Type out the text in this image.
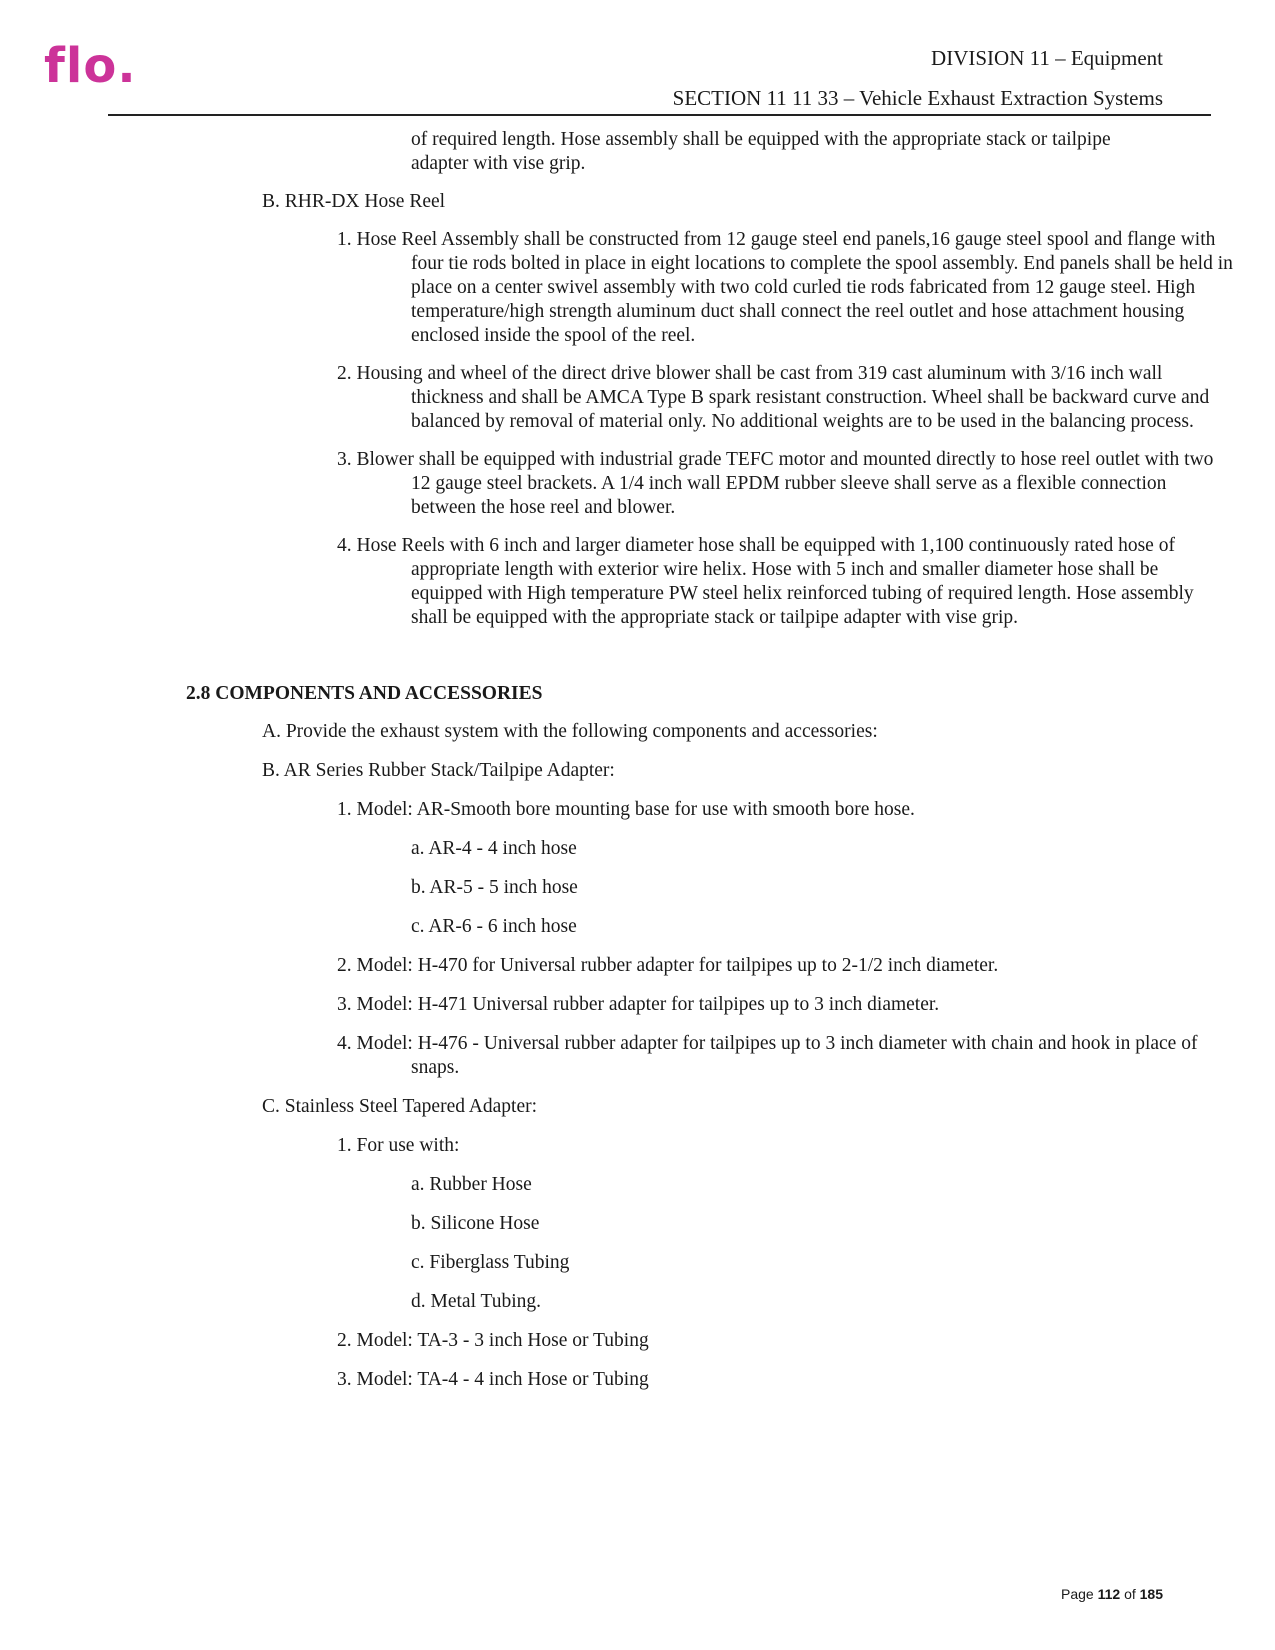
flo.	DIVISION 11 – Equipment
SECTION 11 11 33 – Vehicle Exhaust Extraction Systems
of required length. Hose assembly shall be equipped with the appropriate stack or tailpipe adapter with vise grip.
B. RHR-DX Hose Reel
1. Hose Reel Assembly shall be constructed from 12 gauge steel end panels,16 gauge steel spool and flange with four tie rods bolted in place in eight locations to complete the spool assembly. End panels shall be held in place on a center swivel assembly with two cold curled tie rods fabricated from 12 gauge steel. High temperature/high strength aluminum duct shall connect the reel outlet and hose attachment housing enclosed inside the spool of the reel.
2. Housing and wheel of the direct drive blower shall be cast from 319 cast aluminum with 3/16 inch wall thickness and shall be AMCA Type B spark resistant construction. Wheel shall be backward curve and balanced by removal of material only. No additional weights are to be used in the balancing process.
3. Blower shall be equipped with industrial grade TEFC motor and mounted directly to hose reel outlet with two 12 gauge steel brackets. A 1/4 inch wall EPDM rubber sleeve shall serve as a flexible connection between the hose reel and blower.
4. Hose Reels with 6 inch and larger diameter hose shall be equipped with 1,100 continuously rated hose of appropriate length with exterior wire helix. Hose with 5 inch and smaller diameter hose shall be equipped with High temperature PW steel helix reinforced tubing of required length. Hose assembly shall be equipped with the appropriate stack or tailpipe adapter with vise grip.
2.8 COMPONENTS AND ACCESSORIES
A. Provide the exhaust system with the following components and accessories:
B. AR Series Rubber Stack/Tailpipe Adapter:
1. Model: AR-Smooth bore mounting base for use with smooth bore hose.
a. AR-4 - 4 inch hose
b. AR-5 - 5 inch hose
c. AR-6 - 6 inch hose
2. Model: H-470 for Universal rubber adapter for tailpipes up to 2-1/2 inch diameter.
3. Model: H-471 Universal rubber adapter for tailpipes up to 3 inch diameter.
4. Model: H-476 - Universal rubber adapter for tailpipes up to 3 inch diameter with chain and hook in place of snaps.
C. Stainless Steel Tapered Adapter:
1. For use with:
a. Rubber Hose
b. Silicone Hose
c. Fiberglass Tubing
d. Metal Tubing.
2. Model: TA-3 - 3 inch Hose or Tubing
3. Model: TA-4 - 4 inch Hose or Tubing
Page 112 of 185
